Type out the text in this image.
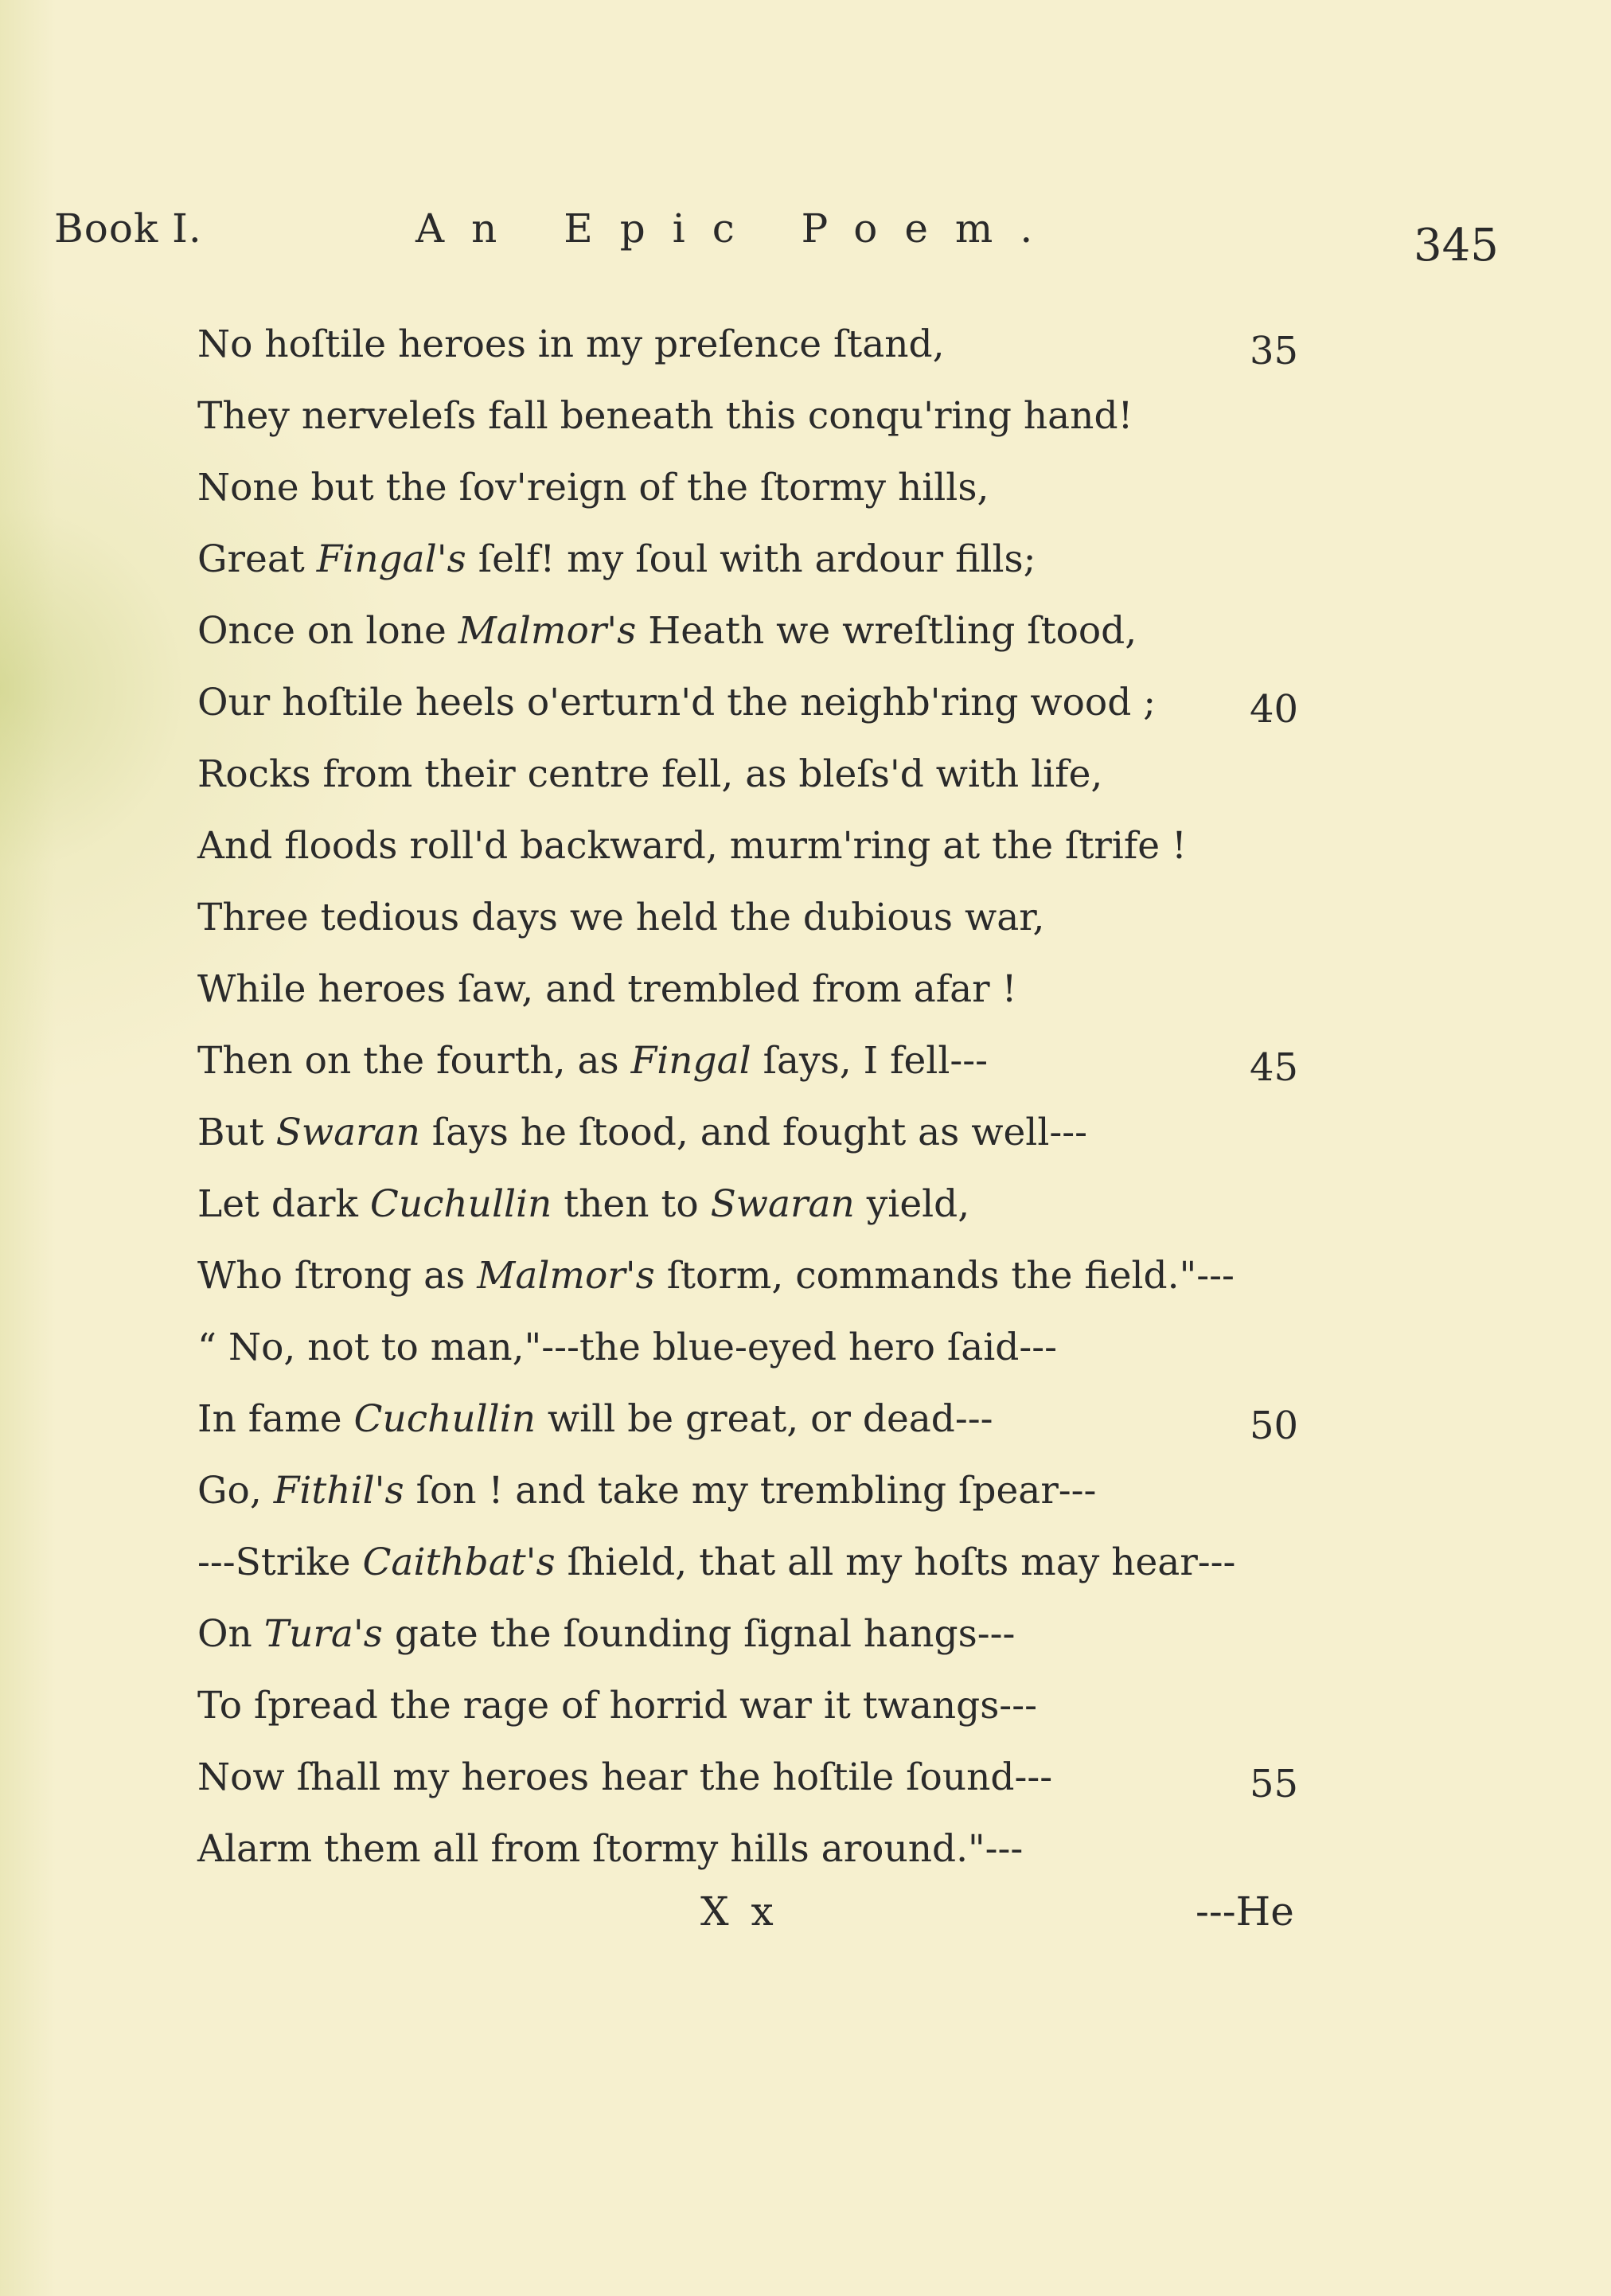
Book I.	An Epic Poem.	345
No hoſtile heroes in my preſence ſtand,	35
They nerveleſs fall beneath this conqu'ring hand!
None but the ſov'reign of the ſtormy hills,
Great Fingal's ſelf! my ſoul with ardour fills;
Once on lone Malmor's Heath we wreſtling ſtood,
Our hoſtile heels o'erturn'd the neighb'ring wood ; 40
Rocks from their centre fell, as bleſs'd with life,
And floods roll'd backward, murm'ring at the ſtrife !
Three tedious days we held the dubious war,
While heroes ſaw, and trembled from afar !
Then on the fourth, as Fingal ſays, I fell---	45
But Swaran ſays he ſtood, and fought as well---
Let dark Cuchullin then to Swaran yield,
Who ſtrong as Malmor's ſtorm, commands the field."---
“ No, not to man,"---the blue-eyed hero ſaid---
In fame Cuchullin will be great, or dead---	50
Go, Fithil's ſon ! and take my trembling ſpear---
---Strike Caithbat's ſhield, that all my hoſts may hear---
On Tura's gate the ſounding ſignal hangs---
To ſpread the rage of horrid war it twangs---
Now ſhall my heroes hear the hoſtile ſound---	55
Alarm them all from ſtormy hills around."---
X x	---He
